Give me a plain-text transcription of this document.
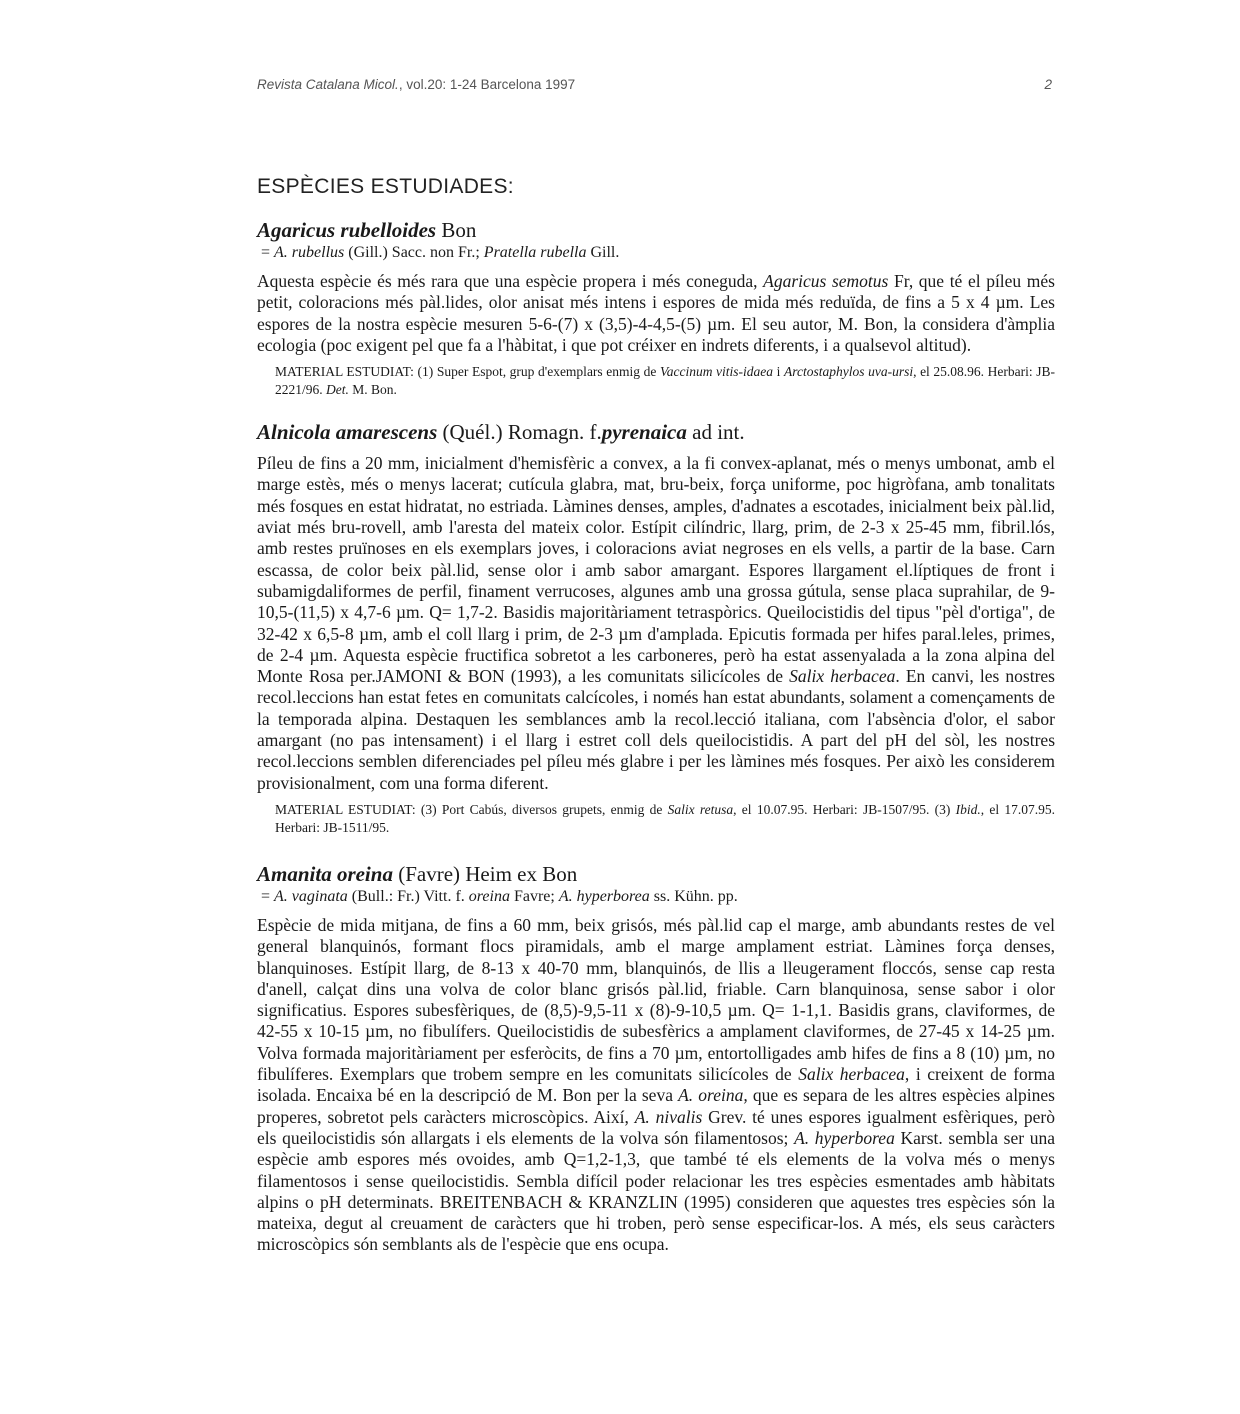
Revista Catalana Micol., vol.20: 1-24 Barcelona 1997	2
ESPÈCIES ESTUDIADES:
Agaricus rubelloides Bon
= A. rubellus (Gill.) Sacc. non Fr.; Pratella rubella Gill.

Aquesta espècie és més rara que una espècie propera i més coneguda, Agaricus semotus Fr, que té el píleu més petit, coloracions més pàl.lides, olor anisat més intens i espores de mida més reduïda, de fins a 5 x 4 µm. Les espores de la nostra espècie mesuren 5-6-(7) x (3,5)-4-4,5-(5) µm. El seu autor, M. Bon, la considera d'àmplia ecologia (poc exigent pel que fa a l'hàbitat, i que pot créixer en indrets diferents, i a qualsevol altitud).

MATERIAL ESTUDIAT: (1) Super Espot, grup d'exemplars enmig de Vaccinum vitis-idaea i Arctostaphylos uva-ursi, el 25.08.96. Herbari: JB-2221/96. Det. M. Bon.
Alnicola amarescens (Quél.) Romagn. f.pyrenaica ad int.

Píleu de fins a 20 mm, inicialment d'hemisfèric a convex, a la fi convex-aplanat, més o menys umbonat, amb el marge estès, més o menys lacerat; cutícula glabra, mat, bru-beix, força uniforme, poc higròfana, amb tonalitats més fosques en estat hidratat, no estriada. Làmines denses, amples, d'adnates a escotades, inicialment beix pàl.lid, aviat més bru-rovell, amb l'aresta del mateix color. Estípit cilíndric, llarg, prim, de 2-3 x 25-45 mm, fibril.lós, amb restes pruïnoses en els exemplars joves, i coloracions aviat negroses en els vells, a partir de la base. Carn escassa, de color beix pàl.lid, sense olor i amb sabor amargant. Espores llargament el.líptiques de front i subamigdaliformes de perfil, finament verrucoses, algunes amb una grossa gútula, sense placa suprahilar, de 9-10,5-(11,5) x 4,7-6 µm. Q= 1,7-2. Basidis majoritàriament tetraspòrics. Queilocistidis del tipus "pèl d'ortiga", de 32-42 x 6,5-8 µm, amb el coll llarg i prim, de 2-3 µm d'amplada. Epicutis formada per hifes paral.leles, primes, de 2-4 µm. Aquesta espècie fructifica sobretot a les carboneres, però ha estat assenyalada a la zona alpina del Monte Rosa per.JAMONI & BON (1993), a les comunitats silicícoles de Salix herbacea. En canvi, les nostres recol.leccions han estat fetes en comunitats calcícoles, i només han estat abundants, solament a començaments de la temporada alpina. Destaquen les semblances amb la recol.lecció italiana, com l'absència d'olor, el sabor amargant (no pas intensament) i el llarg i estret coll dels queilocistidis. A part del pH del sòl, les nostres recol.leccions semblen diferenciades pel píleu més glabre i per les làmines més fosques. Per això les considerem provisionalment, com una forma diferent.

MATERIAL ESTUDIAT: (3) Port Cabús, diversos grupets, enmig de Salix retusa, el 10.07.95. Herbari: JB-1507/95. (3) Ibid., el 17.07.95. Herbari: JB-1511/95.
Amanita oreina (Favre) Heim ex Bon
= A. vaginata (Bull.: Fr.) Vitt. f. oreina Favre; A. hyperborea ss. Kühn. pp.

Espècie de mida mitjana, de fins a 60 mm, beix grisós, més pàl.lid cap el marge, amb abundants restes de vel general blanquinós, formant flocs piramidals, amb el marge amplament estriat. Làmines força denses, blanquinoses. Estípit llarg, de 8-13 x 40-70 mm, blanquinós, de llis a lleugerament floccós, sense cap resta d'anell, calçat dins una volva de color blanc grisós pàl.lid, friable. Carn blanquinosa, sense sabor i olor significatius. Espores subesfèriques, de (8,5)-9,5-11 x (8)-9-10,5 µm. Q= 1-1,1. Basidis grans, claviformes, de 42-55 x 10-15 µm, no fibulífers. Queilocistidis de subesfèrics a amplament claviformes, de 27-45 x 14-25 µm. Volva formada majoritàriament per esferòcits, de fins a 70 µm, entortolligades amb hifes de fins a 8 (10) µm, no fibulíferes. Exemplars que trobem sempre en les comunitats silicícoles de Salix herbacea, i creixent de forma isolada. Encaixa bé en la descripció de M. Bon per la seva A. oreina, que es separa de les altres espècies alpines properes, sobretot pels caràcters microscòpics. Així, A. nivalis Grev. té unes espores igualment esfèriques, però els queilocistidis són allargats i els elements de la volva són filamentosos; A. hyperborea Karst. sembla ser una espècie amb espores més ovoides, amb Q=1,2-1,3, que també té els elements de la volva més o menys filamentosos i sense queilocistidis. Sembla difícil poder relacionar les tres espècies esmentades amb hàbitats alpins o pH determinats. BREITENBACH & KRANZLIN (1995) consideren que aquestes tres espècies són la mateixa, degut al creuament de caràcters que hi troben, però sense especificar-los. A més, els seus caràcters microscòpics són semblants als de l'espècie que ens ocupa.
